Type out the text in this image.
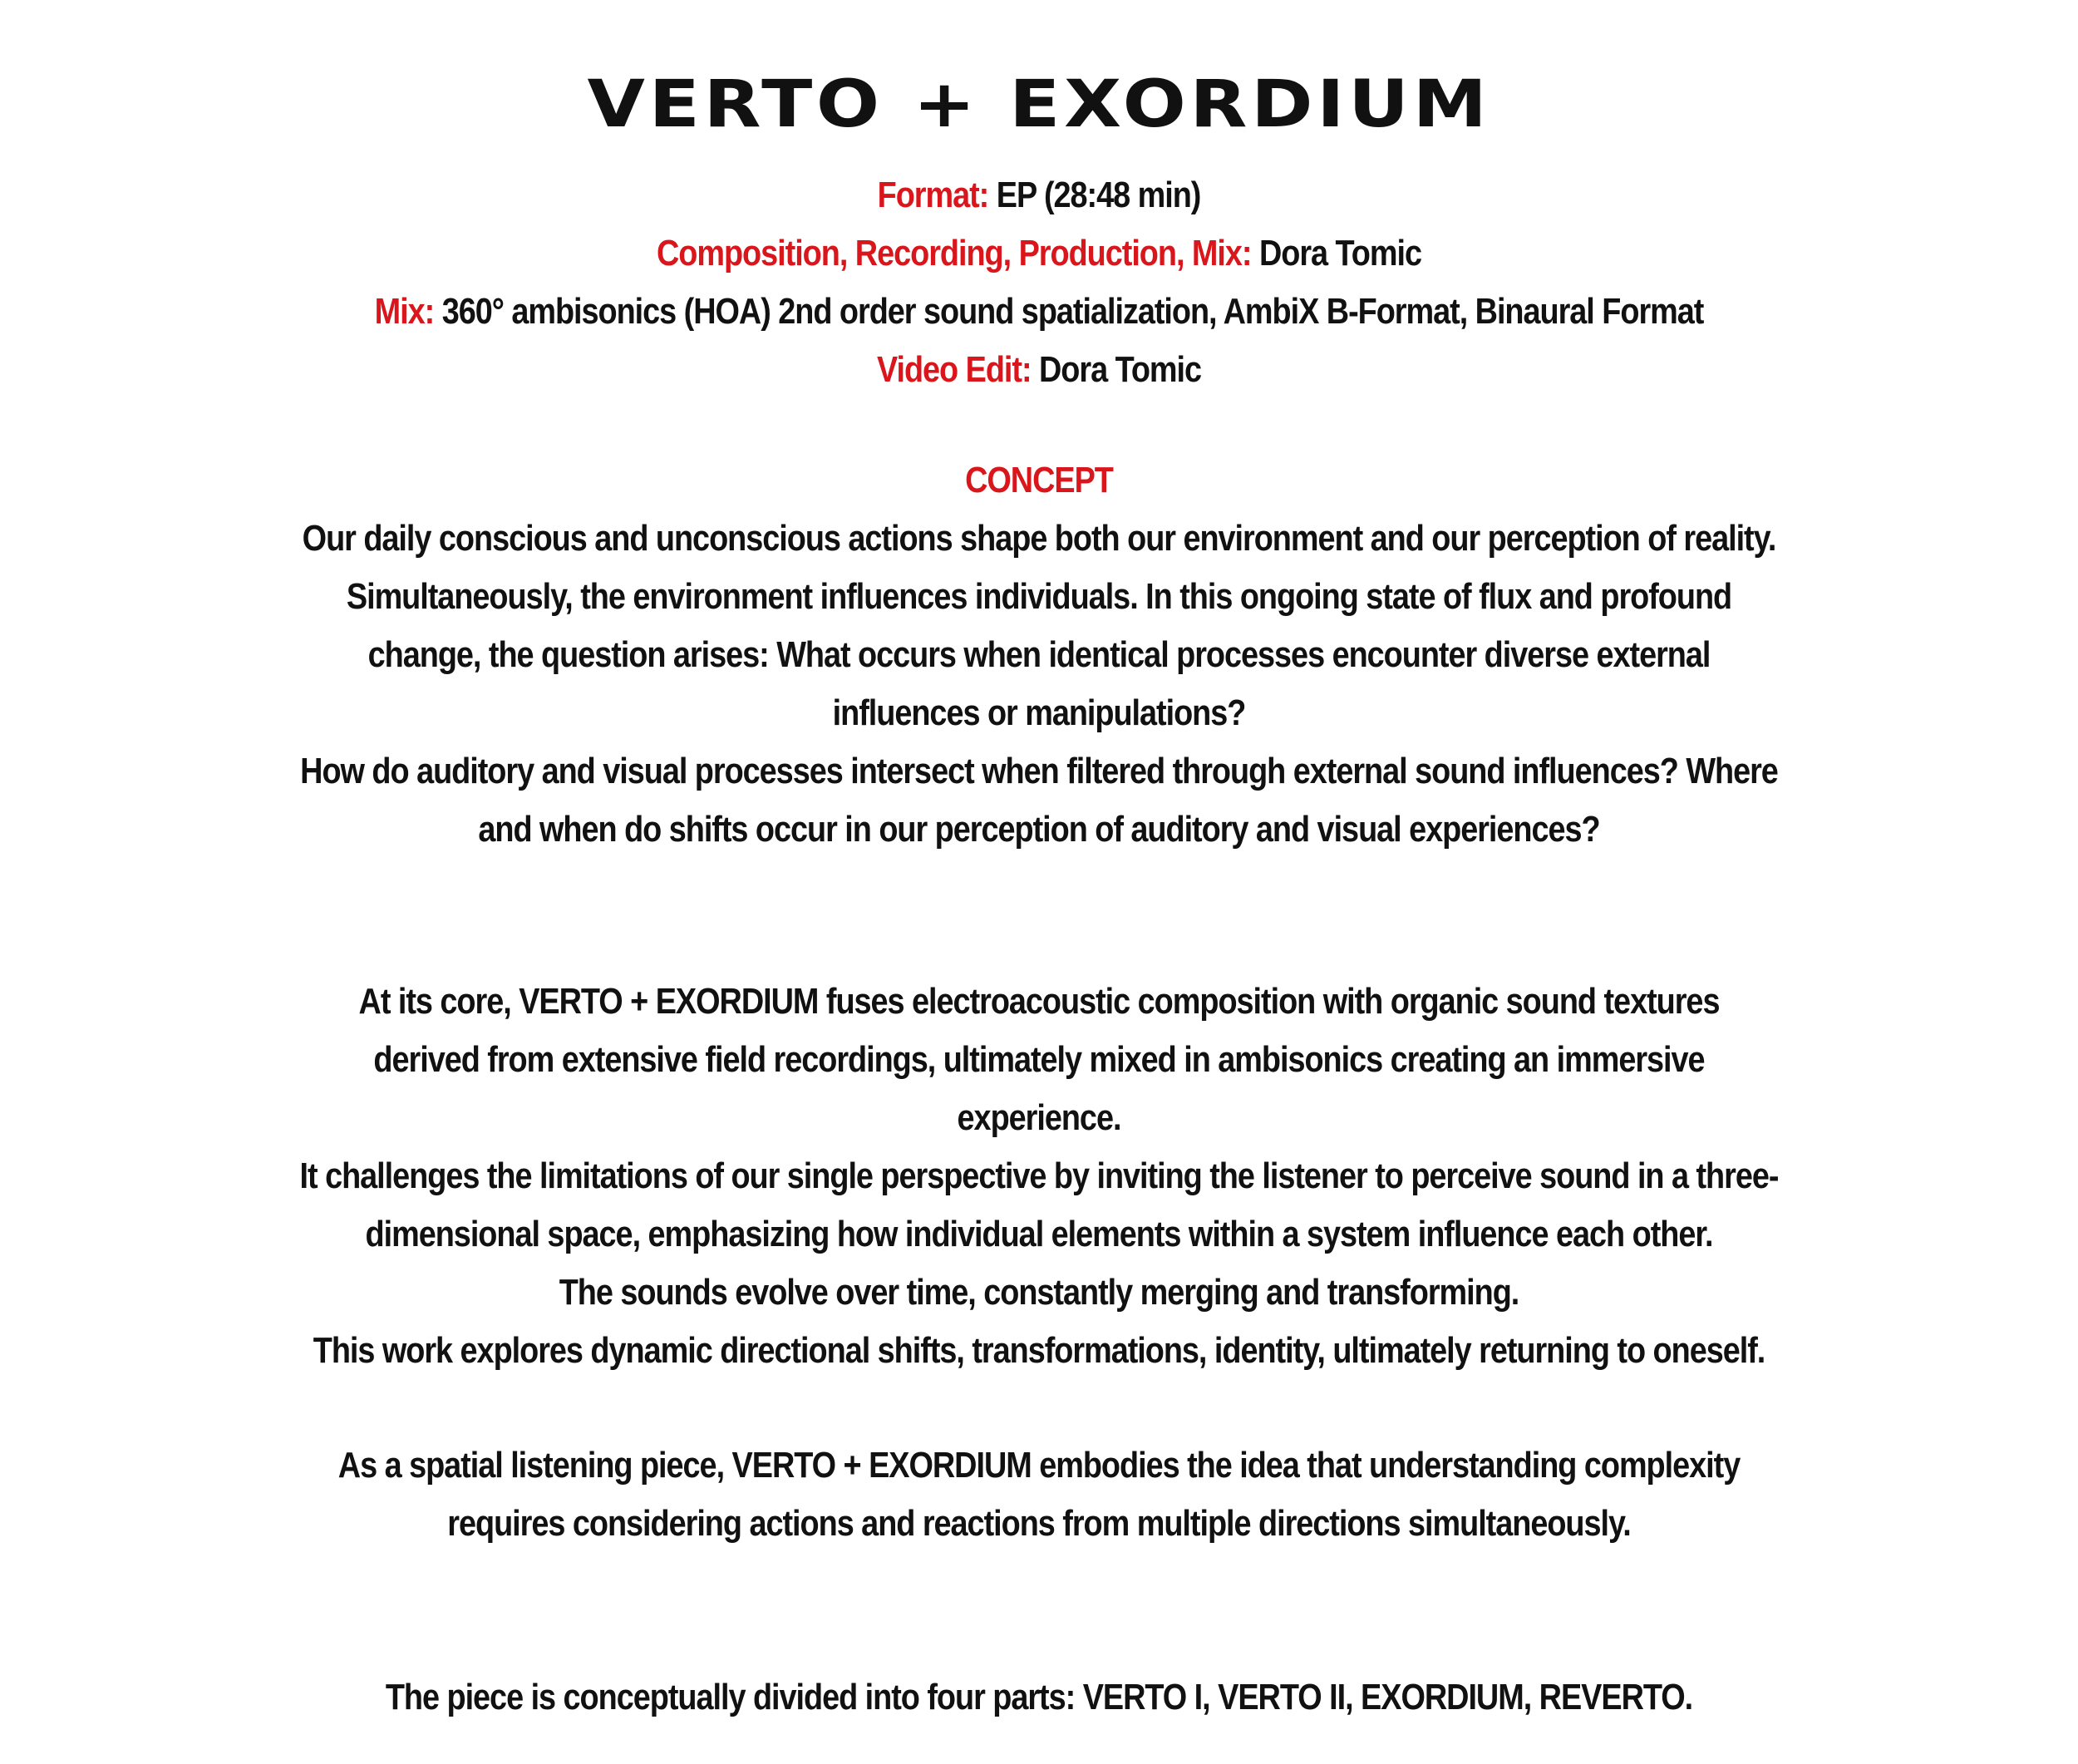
VERTO + EXORDIUM
Format: EP (28:48 min)
Composition, Recording, Production, Mix: Dora Tomic
Mix: 360° ambisonics (HOA) 2nd order sound spatialization, AmbiX B-Format, Binaural Format
Video Edit: Dora Tomic
CONCEPT
Our daily conscious and unconscious actions shape both our environment and our perception of reality.
Simultaneously, the environment influences individuals. In this ongoing state of flux and profound
change, the question arises: What occurs when identical processes encounter diverse external
influences or manipulations?
How do auditory and visual processes intersect when filtered through external sound influences? Where
and when do shifts occur in our perception of auditory and visual experiences?
At its core, VERTO + EXORDIUM fuses electroacoustic composition with organic sound textures
derived from extensive field recordings, ultimately mixed in ambisonics creating an immersive
experience.
It challenges the limitations of our single perspective by inviting the listener to perceive sound in a three-
dimensional space, emphasizing how individual elements within a system influence each other.
The sounds evolve over time, constantly merging and transforming.
This work explores dynamic directional shifts, transformations, identity, ultimately returning to oneself.
As a spatial listening piece, VERTO + EXORDIUM embodies the idea that understanding complexity
requires considering actions and reactions from multiple directions simultaneously.
The piece is conceptually divided into four parts: VERTO I, VERTO II, EXORDIUM, REVERTO.
